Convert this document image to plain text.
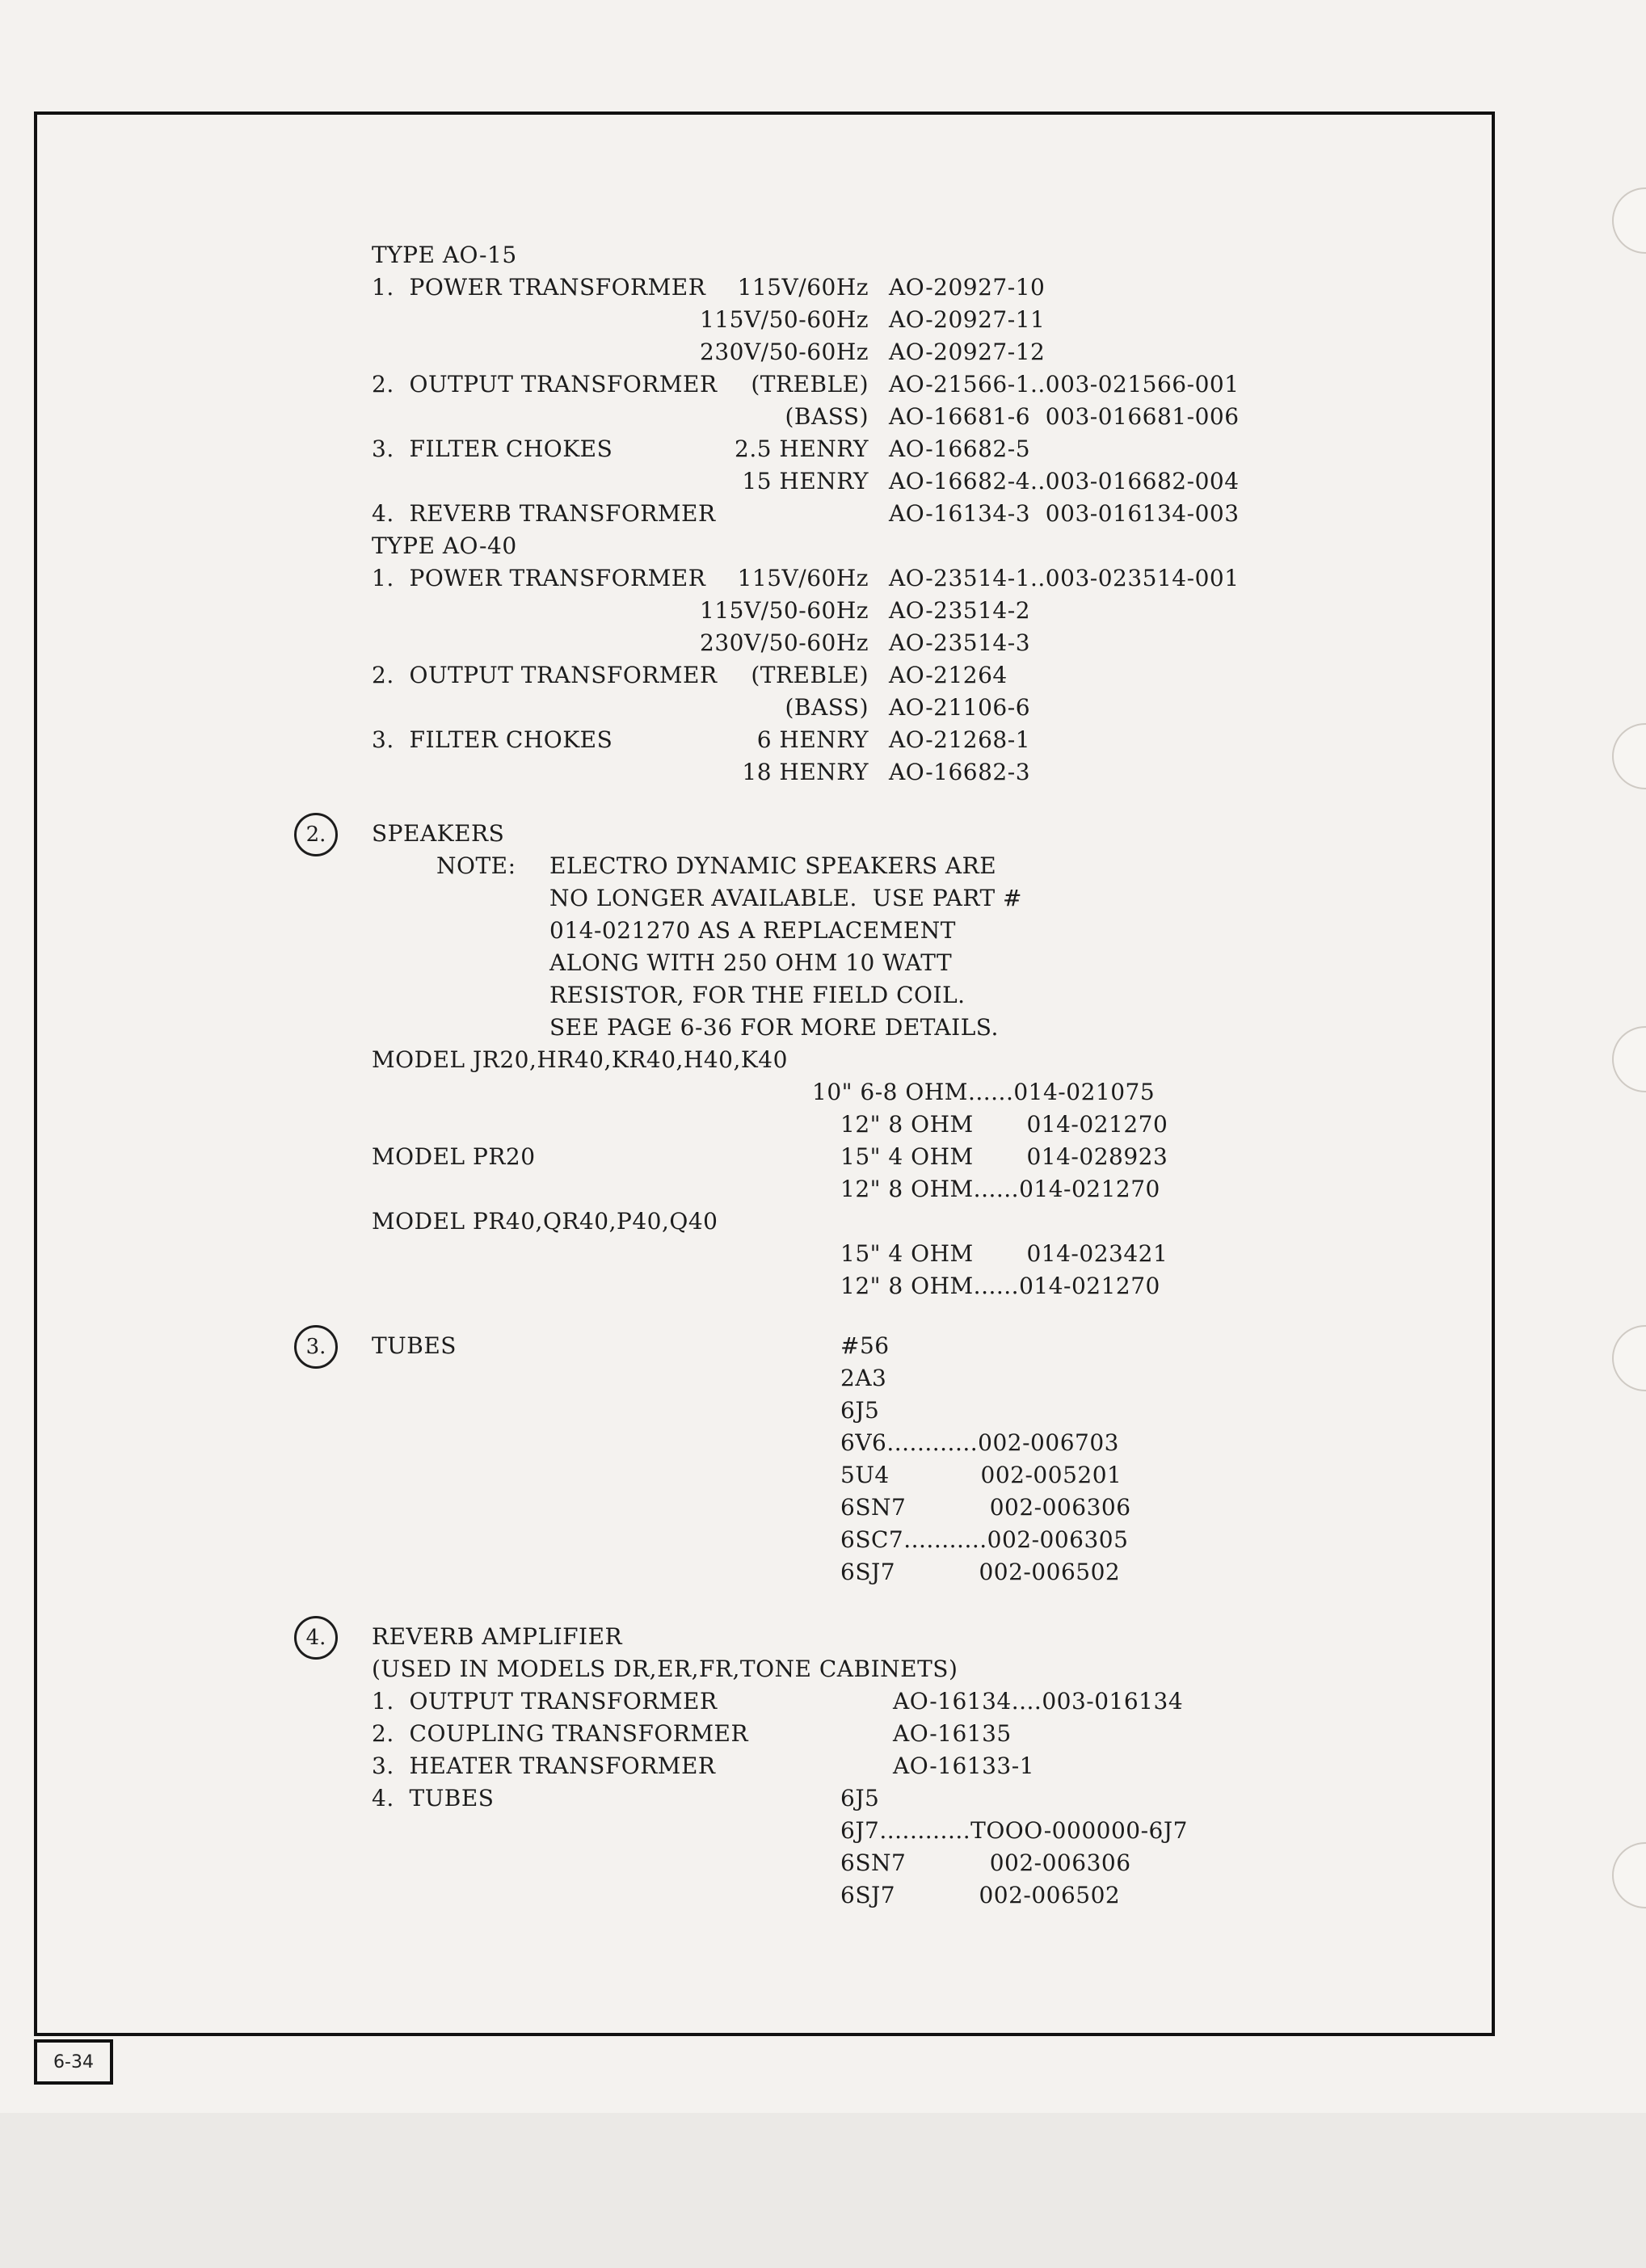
6-34
TYPE AO-15
1.  POWER TRANSFORMER	115V/60Hz AO-20927-10
115V/50-60Hz AO-20927-11
230V/50-60Hz AO-20927-12
2.  OUTPUT TRANSFORMER	(TREBLE) AO-21566-1..003-021566-001
(BASS) AO-16681-6  003-016681-006
3.  FILTER CHOKES	2.5 HENRY AO-16682-5
15 HENRY AO-16682-4..003-016682-004
4.  REVERB TRANSFORMER	AO-16134-3  003-016134-003
TYPE AO-40
1.  POWER TRANSFORMER	115V/60Hz AO-23514-1..003-023514-001
115V/50-60Hz AO-23514-2
230V/50-60Hz AO-23514-3
2.  OUTPUT TRANSFORMER	(TREBLE) AO-21264
(BASS) AO-21106-6
3.  FILTER CHOKES	6 HENRY AO-21268-1
18 HENRY AO-16682-3
2. SPEAKERS
NOTE: ELECTRO DYNAMIC SPEAKERS ARE
NO LONGER AVAILABLE.  USE PART #
014-021270 AS A REPLACEMENT
ALONG WITH 250 OHM 10 WATT
RESISTOR, FOR THE FIELD COIL.
SEE PAGE 6-36 FOR MORE DETAILS.
MODEL JR20,HR40,KR40,H40,K40
10" 6-8 OHM......014-021075
12" 8 OHM       014-021270
MODEL PR20	15" 4 OHM       014-028923
12" 8 OHM......014-021270
MODEL PR40,QR40,P40,Q40
15" 4 OHM       014-023421
12" 8 OHM......014-021270
3. TUBES	#56
2A3
6J5
6V6............002-006703
5U4            002-005201
6SN7           002-006306
6SC7...........002-006305
6SJ7           002-006502
4. REVERB AMPLIFIER
(USED IN MODELS DR,ER,FR,TONE CABINETS)
1.  OUTPUT TRANSFORMER	AO-16134....003-016134
2.  COUPLING TRANSFORMER	AO-16135
3.  HEATER TRANSFORMER	AO-16133-1
4.  TUBES	6J5
6J7............TOOO-000000-6J7
6SN7           002-006306
6SJ7           002-006502
